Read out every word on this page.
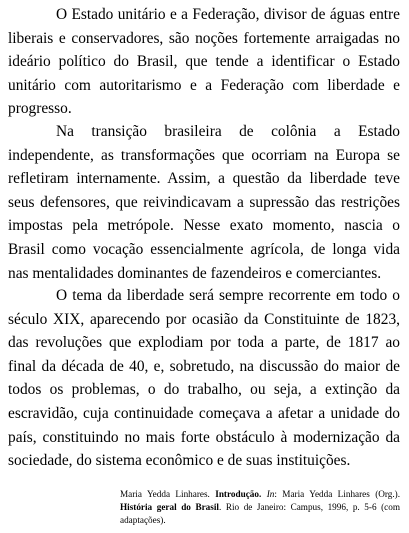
O Estado unitário e a Federação, divisor de águas entre liberais e conservadores, são noções fortemente arraigadas no ideário político do Brasil, que tende a identificar o Estado unitário com autoritarismo e a Federação com liberdade e progresso.

Na transição brasileira de colônia a Estado independente, as transformações que ocorriam na Europa se refletiram internamente. Assim, a questão da liberdade teve seus defensores, que reivindicavam a supressão das restrições impostas pela metrópole. Nesse exato momento, nascia o Brasil como vocação essencialmente agrícola, de longa vida nas mentalidades dominantes de fazendeiros e comerciantes.

O tema da liberdade será sempre recorrente em todo o século XIX, aparecendo por ocasião da Constituinte de 1823, das revoluções que explodiam por toda a parte, de 1817 ao final da década de 40, e, sobretudo, na discussão do maior de todos os problemas, o do trabalho, ou seja, a extinção da escravidão, cuja continuidade começava a afetar a unidade do país, constituindo no mais forte obstáculo à modernização da sociedade, do sistema econômico e de suas instituições.

Maria Yedda Linhares. Introdução. In: Maria Yedda Linhares (Org.). História geral do Brasil. Rio de Janeiro: Campus, 1996, p. 5-6 (com adaptações).
